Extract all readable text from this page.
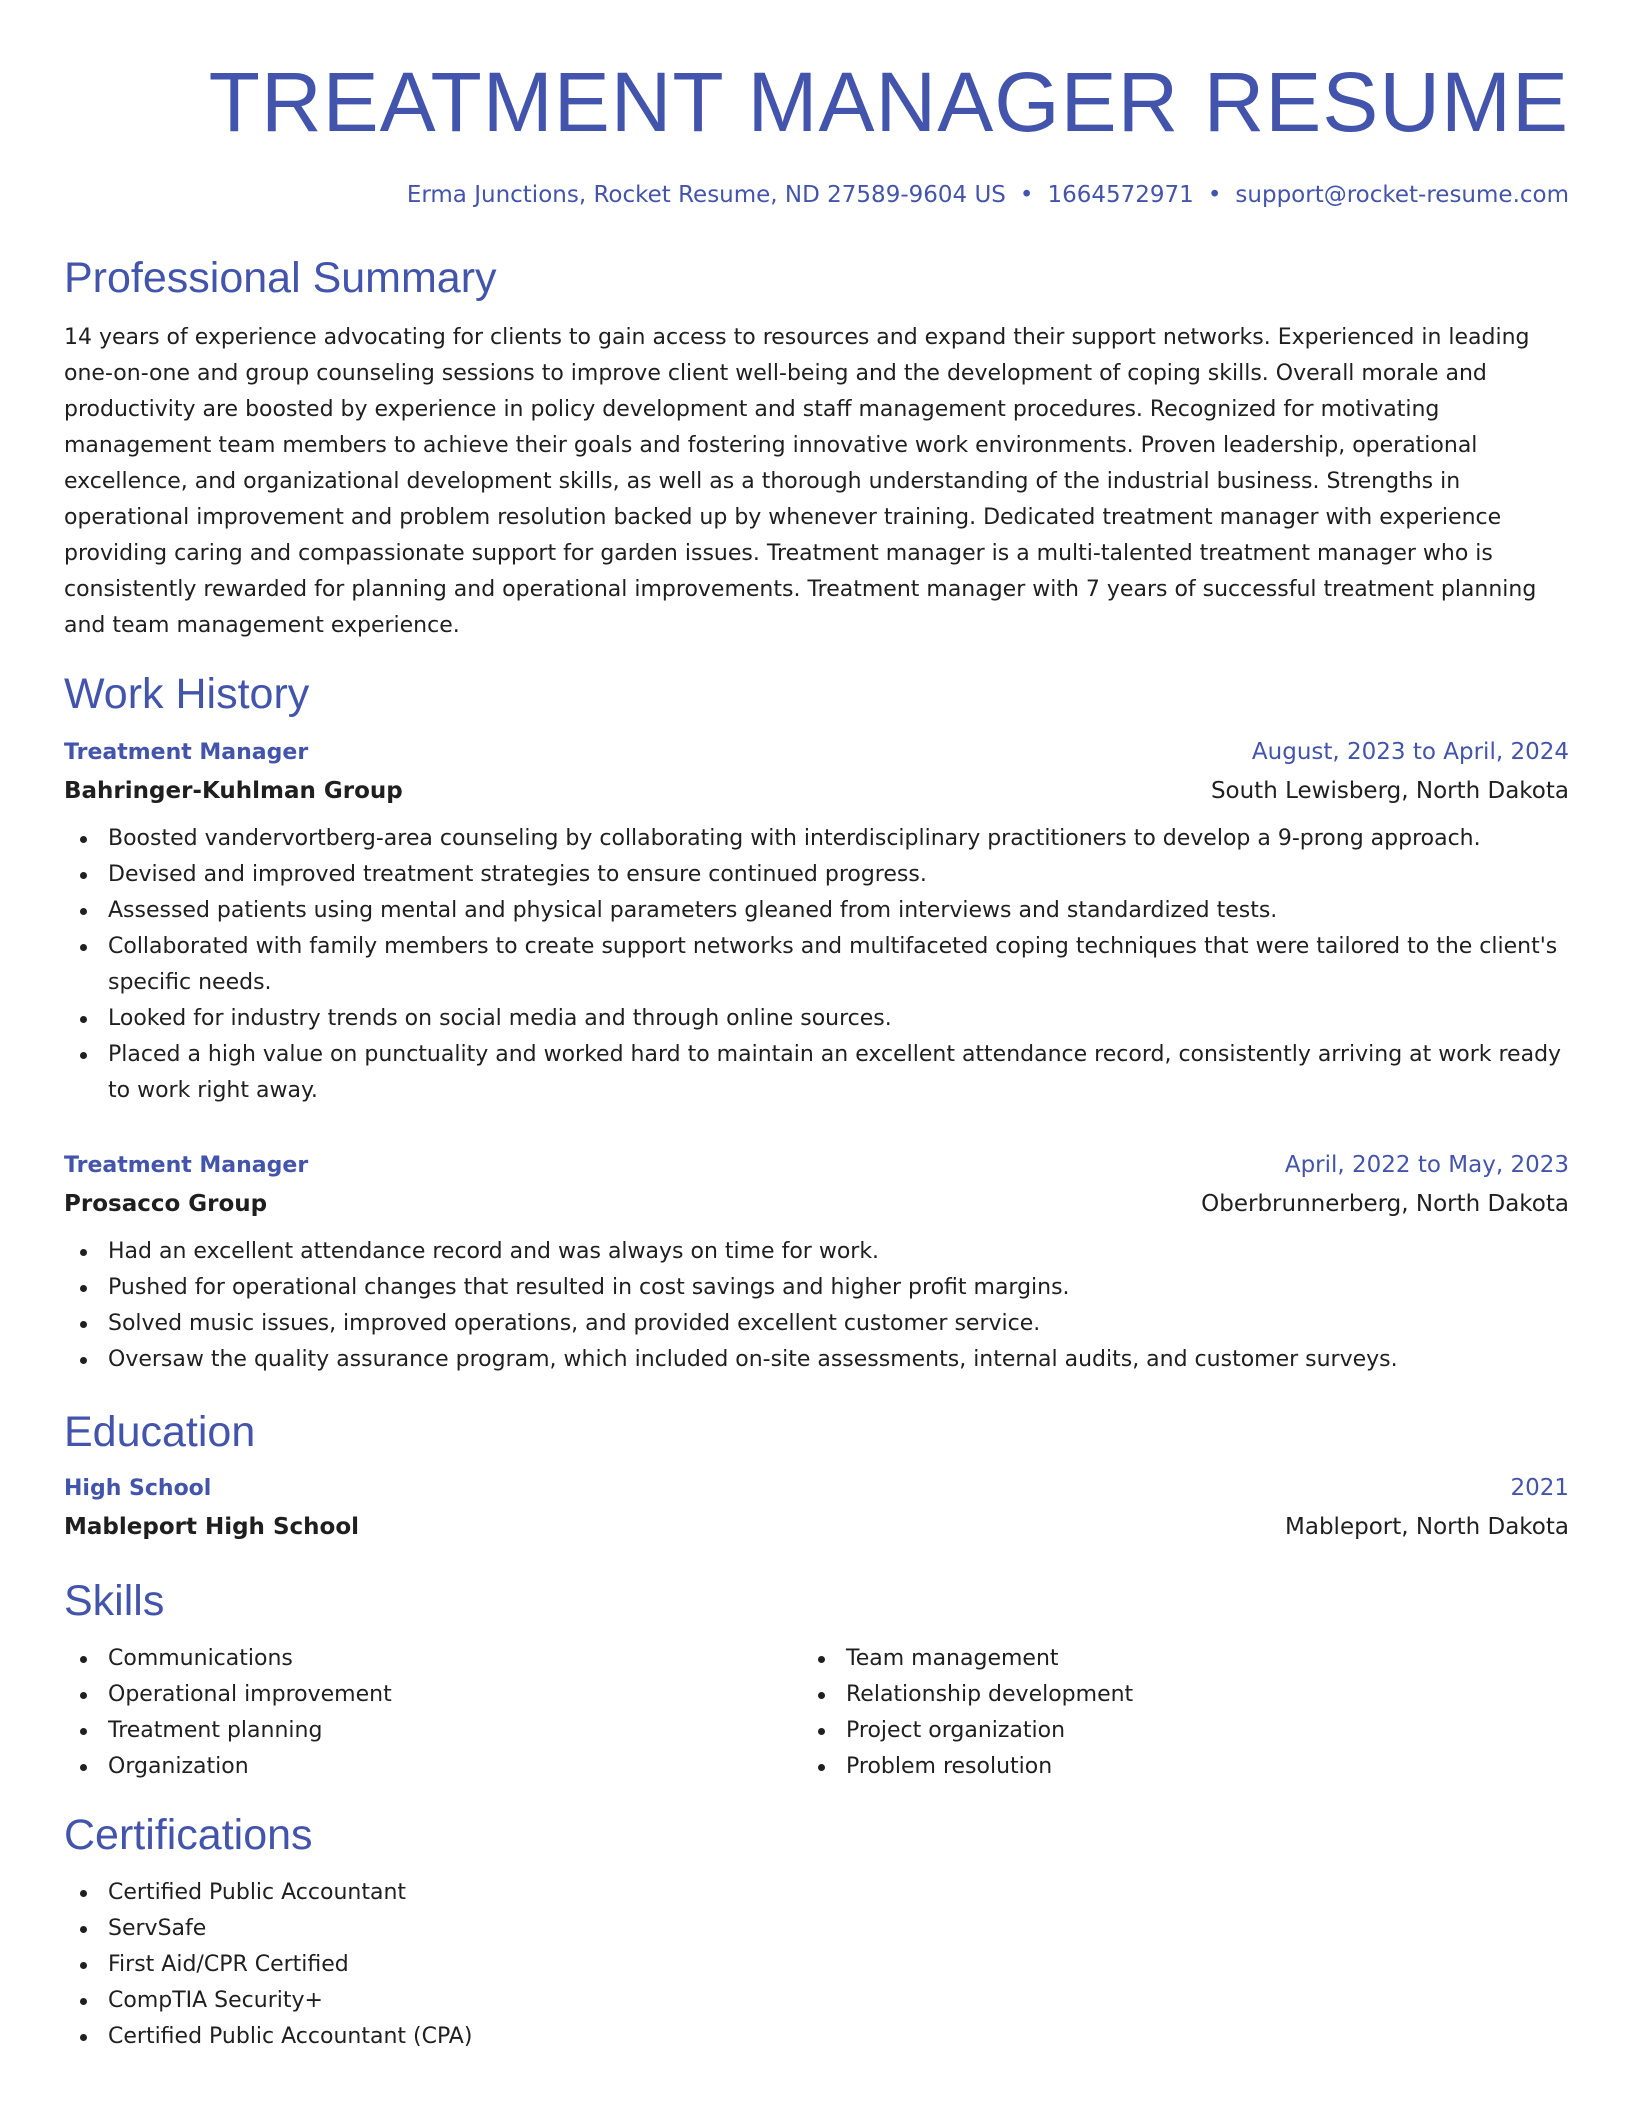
TREATMENT MANAGER RESUME
Erma Junctions, Rocket Resume, ND 27589-9604 US • 1664572971 • support@rocket-resume.com
Professional Summary
14 years of experience advocating for clients to gain access to resources and expand their support networks. Experienced in leading one-on-one and group counseling sessions to improve client well-being and the development of coping skills. Overall morale and productivity are boosted by experience in policy development and staff management procedures. Recognized for motivating management team members to achieve their goals and fostering innovative work environments. Proven leadership, operational excellence, and organizational development skills, as well as a thorough understanding of the industrial business. Strengths in operational improvement and problem resolution backed up by whenever training. Dedicated treatment manager with experience providing caring and compassionate support for garden issues. Treatment manager is a multi-talented treatment manager who is consistently rewarded for planning and operational improvements. Treatment manager with 7 years of successful treatment planning and team management experience.
Work History
Treatment Manager	August, 2023 to April, 2024
Bahringer-Kuhlman Group	South Lewisberg, North Dakota
Boosted vandervortberg-area counseling by collaborating with interdisciplinary practitioners to develop a 9-prong approach.
Devised and improved treatment strategies to ensure continued progress.
Assessed patients using mental and physical parameters gleaned from interviews and standardized tests.
Collaborated with family members to create support networks and multifaceted coping techniques that were tailored to the client's specific needs.
Looked for industry trends on social media and through online sources.
Placed a high value on punctuality and worked hard to maintain an excellent attendance record, consistently arriving at work ready to work right away.
Treatment Manager	April, 2022 to May, 2023
Prosacco Group	Oberbrunnerberg, North Dakota
Had an excellent attendance record and was always on time for work.
Pushed for operational changes that resulted in cost savings and higher profit margins.
Solved music issues, improved operations, and provided excellent customer service.
Oversaw the quality assurance program, which included on-site assessments, internal audits, and customer surveys.
Education
High School	2021
Mableport High School	Mableport, North Dakota
Skills
Communications
Operational improvement
Treatment planning
Organization
Team management
Relationship development
Project organization
Problem resolution
Certifications
Certified Public Accountant
ServSafe
First Aid/CPR Certified
CompTIA Security+
Certified Public Accountant (CPA)
